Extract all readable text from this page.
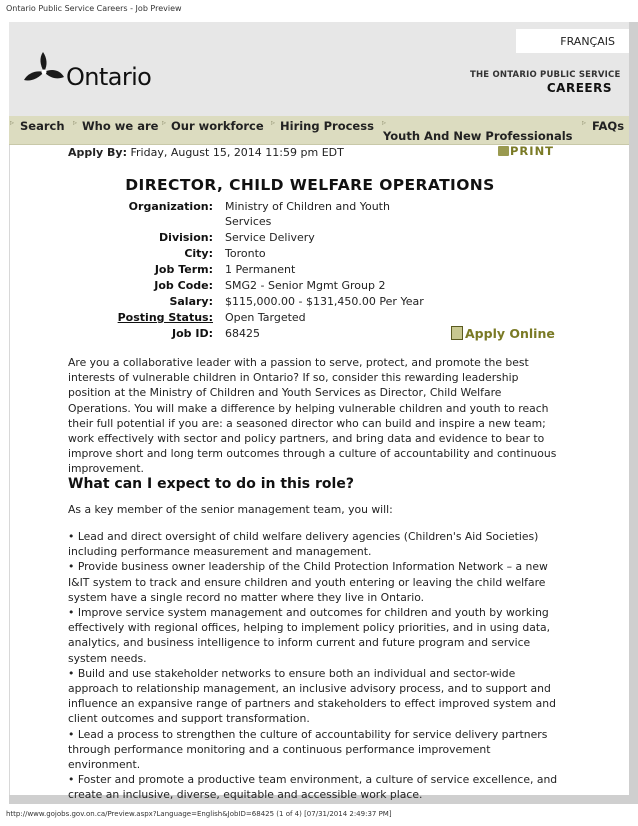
Ontario Public Service Careers - Job Preview
FRANÇAIS
Ontario	THE ONTARIO PUBLIC SERVICE
CAREERS
▹ Search ▹ Who we are ▹ Our workforce ▹ Hiring Process ▹
Youth And New Professionals
▹ FAQs
Apply By: Friday, August 15, 2014 11:59 pm EDT	PRINT
DIRECTOR, CHILD WELFARE OPERATIONS
Organization: Ministry of Children and Youth Services
Division: Service Delivery
City: Toronto
Job Term: 1 Permanent
Job Code: SMG2 - Senior Mgmt Group 2
Salary: $115,000.00 - $131,450.00 Per Year
Posting Status: Open Targeted
Job ID: 68425	Apply Online

Are you a collaborative leader with a passion to serve, protect, and promote the best interests of vulnerable children in Ontario? If so, consider this rewarding leadership position at the Ministry of Children and Youth Services as Director, Child Welfare Operations. You will make a difference by helping vulnerable children and youth to reach their full potential if you are: a seasoned director who can build and inspire a new team; work effectively with sector and policy partners, and bring data and evidence to bear to improve short and long term outcomes through a culture of accountability and continuous improvement.

What can I expect to do in this role?

As a key member of the senior management team, you will:

• Lead and direct oversight of child welfare delivery agencies (Children's Aid Societies) including performance measurement and management.
• Provide business owner leadership of the Child Protection Information Network – a new I&IT system to track and ensure children and youth entering or leaving the child welfare system have a single record no matter where they live in Ontario.
• Improve service system management and outcomes for children and youth by working effectively with regional offices, helping to implement policy priorities, and in using data, analytics, and business intelligence to inform current and future program and service system needs.
• Build and use stakeholder networks to ensure both an individual and sector-wide approach to relationship management, an inclusive advisory process, and to support and influence an expansive range of partners and stakeholders to effect improved system and client outcomes and support transformation.
• Lead a process to strengthen the culture of accountability for service delivery partners through performance monitoring and a continuous performance improvement environment.
• Foster and promote a productive team environment, a culture of service excellence, and create an inclusive, diverse, equitable and accessible work place.
http://www.gojobs.gov.on.ca/Preview.aspx?Language=English&JobID=68425 (1 of 4) [07/31/2014 2:49:37 PM]
